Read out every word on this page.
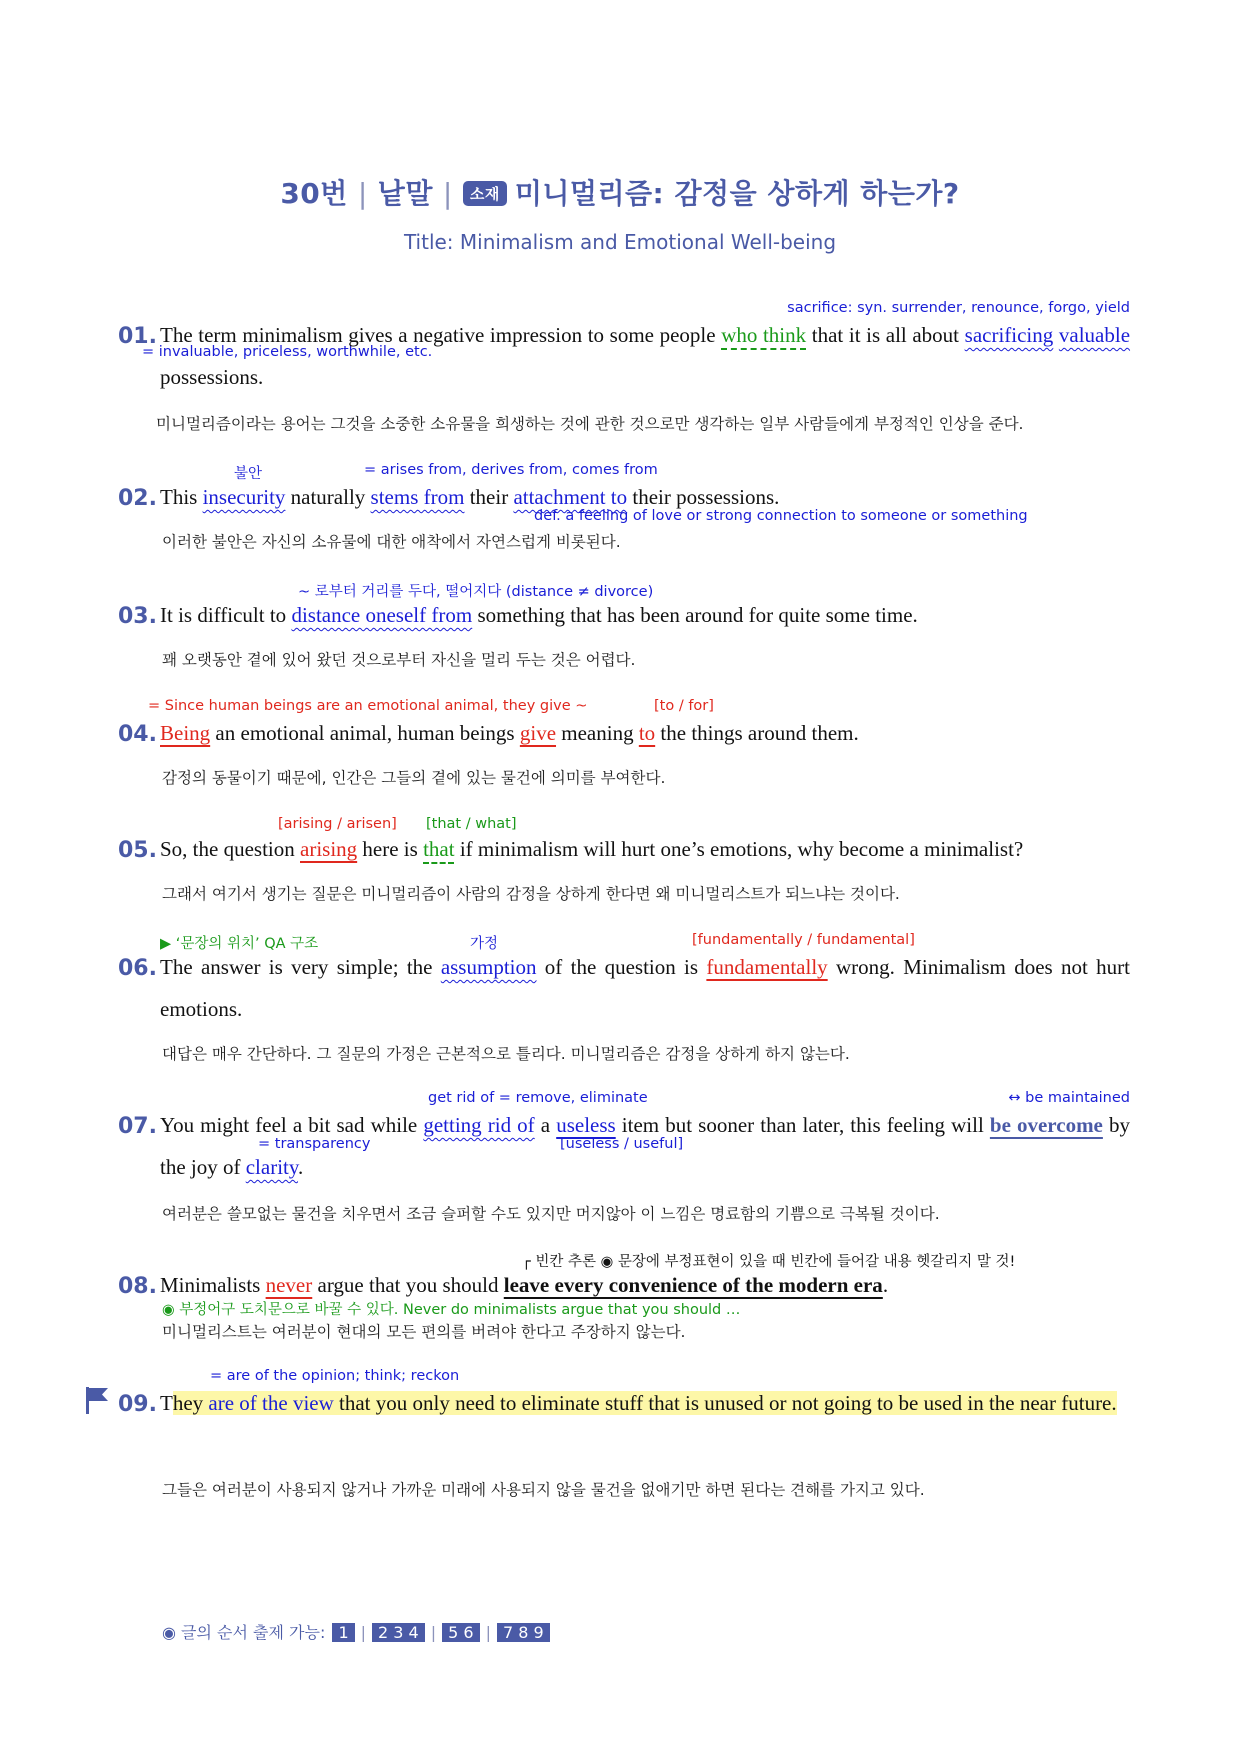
30번 | 낱말 | 소재 미니멀리즘: 감정을 상하게 하는가?
Title: Minimalism and Emotional Well-being
sacrifice: syn. surrender, renounce, forgo, yield
= invaluable, priceless, worthwhile, etc.
01. The term minimalism gives a negative impression to some people who think that it is all about sacrificing valuable possessions.
미니멀리즘이라는 용어는 그것을 소중한 소유물을 희생하는 것에 관한 것으로만 생각하는 일부 사람들에게 부정적인 인상을 준다.
불안	= arises from, derives from, comes from
02. This insecurity naturally stems from their attachment to their possessions.
def. a feeling of love or strong connection to someone or something
이러한 불안은 자신의 소유물에 대한 애착에서 자연스럽게 비롯된다.
~ 로부터 거리를 두다, 떨어지다 (distance ≠ divorce)
03. It is difficult to distance oneself from something that has been around for quite some time.
꽤 오랫동안 곁에 있어 왔던 것으로부터 자신을 멀리 두는 것은 어렵다.
= Since human beings are an emotional animal, they give ~	[to / for]
04. Being an emotional animal, human beings give meaning to the things around them.
감정의 동물이기 때문에, 인간은 그들의 곁에 있는 물건에 의미를 부여한다.
[arising / arisen] [that / what]
05. So, the question arising here is that if minimalism will hurt one’s emotions, why become a minimalist?
그래서 여기서 생기는 질문은 미니멀리즘이 사람의 감정을 상하게 한다면 왜 미니멀리스트가 되느냐는 것이다.
▶ ‘문장의 위치’ QA 구조	가정	[fundamentally / fundamental]
06. The answer is very simple; the assumption of the question is fundamentally wrong. Minimalism does not hurt emotions.
대답은 매우 간단하다. 그 질문의 가정은 근본적으로 틀리다. 미니멀리즘은 감정을 상하게 하지 않는다.
get rid of = remove, eliminate	↔ be maintained
07. You might feel a bit sad while getting rid of a useless item but sooner than later, this feeling will be overcome by the joy of clarity.
= transparency	[useless / useful]
여러분은 쓸모없는 물건을 치우면서 조금 슬퍼할 수도 있지만 머지않아 이 느낌은 명료함의 기쁨으로 극복될 것이다.
┌ 빈칸 추론 ◉ 문장에 부정표현이 있을 때 빈칸에 들어갈 내용 헷갈리지 말 것!
08. Minimalists never argue that you should leave every convenience of the modern era.
◉ 부정어구 도치문으로 바꿀 수 있다. Never do minimalists argue that you should …
미니멀리스트는 여러분이 현대의 모든 편의를 버려야 한다고 주장하지 않는다.
= are of the opinion; think; reckon
09. They are of the view that you only need to eliminate stuff that is unused or not going to be used in the near future.
그들은 여러분이 사용되지 않거나 가까운 미래에 사용되지 않을 물건을 없애기만 하면 된다는 견해를 가지고 있다.
◉ 글의 순서 출제 가능: 1 | 2 3 4 | 5 6 | 7 8 9
